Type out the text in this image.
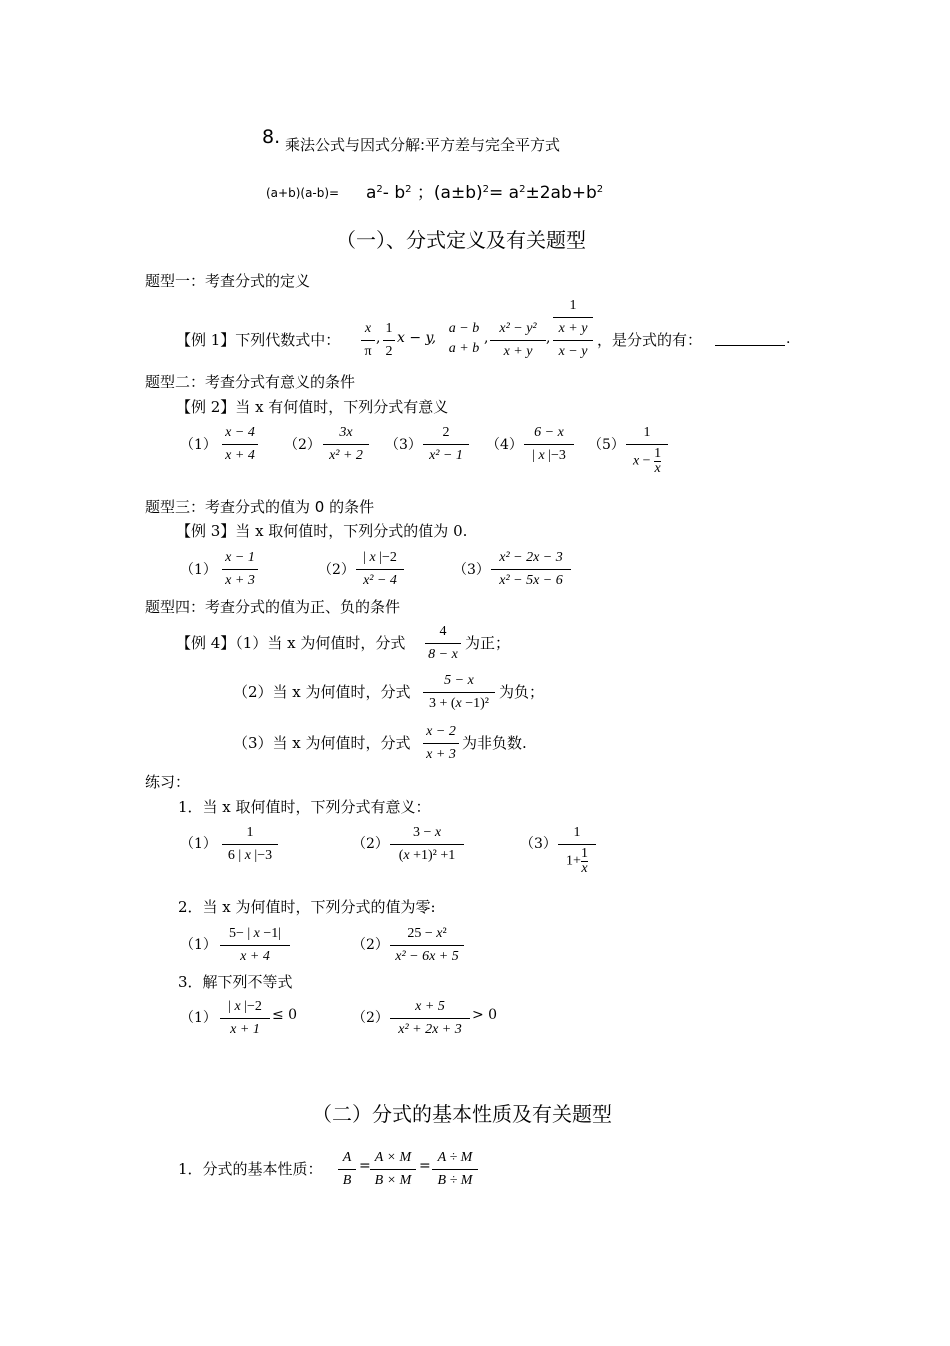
8. 乘法公式与因式分解:平方差与完全平方式
$(a+b)(a-b)= a^2-$ $b^2$ ；$(a\pm b)^2= a^2\pm 2ab+b^2$
（一）、分式定义及有关题型
题型一：考查分式的定义
【例 1】下列代数式中：
x
π
,
1
2
x − y,
a − b
a + b
,
x² − y²
x + y
,
1
x + y
x − y
，是分式的有：	.
题型二：考查分式有意义的条件
【例 2】当 x 有何值时，下列分式有意义
（1）
x − 4
x + 4
（2）
3x
x² + 2
（3）
2
x² − 1
（4）
6 − x
| x |−3
（5）
1
$x - \frac{1}{x}$
题型三：考查分式的值为 0 的条件
【例 3】当 x 取何值时，下列分式的值为 0.
（1）
x − 1
x + 3
（2）
| x |−2
x² − 4
（3）
x² − 2x − 3
x² − 5x − 6
题型四：考查分式的值为正、负的条件
【例 4】（1）当 x 为何值时，分式
4
8 − x
为正；
（2）当 x 为何值时，分式
5 − x
3 + (x −1)²
为负；
（3）当 x 为何值时，分式
x − 2
x + 3
为非负数.
练习：
1．当 x 取何值时，下列分式有意义：
（1）
1
6 | x |−3
（2）
3 − x
(x +1)² +1
（3）
1
$1+ \frac{1}{x}$
2．当 x 为何值时，下列分式的值为零:
（1）
5− | x −1|
x + 4
（2）
25 − x²
x² − 6x + 5
3．解下列不等式
（1）
| x |−2
x + 1
≤ 0	（2）
x + 5
x² + 2x + 3
> 0
（二）分式的基本性质及有关题型
1．分式的基本性质：
A
B
=
A × M
B × M
=
A ÷ M
B ÷ M
